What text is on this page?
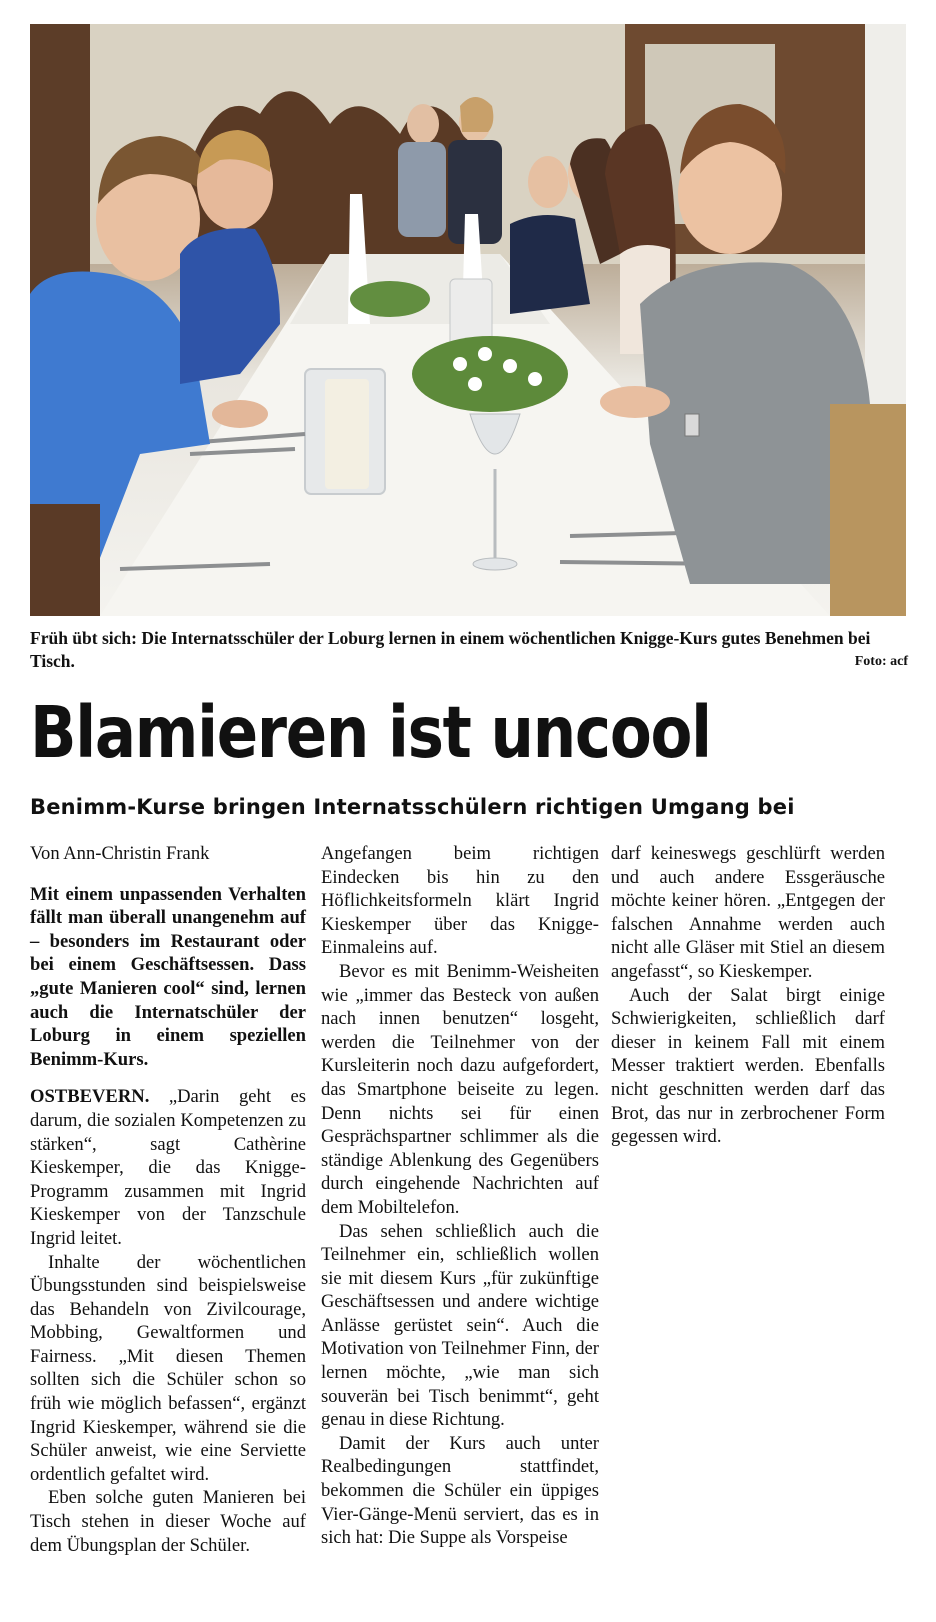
Früh übt sich: Die Internatsschüler der Loburg lernen in einem wöchentlichen Knigge-Kurs gutes Benehmen bei Tisch.	Foto: acf
Blamieren ist uncool
Benimm-Kurse bringen Internatsschülern richtigen Umgang bei

Von Ann-Christin Frank

Mit einem unpassenden Verhalten fällt man überall unangenehm auf – besonders im Restaurant oder bei einem Geschäftsessen. Dass „gute Manieren cool“ sind, lernen auch die Internatschüler der Loburg in einem speziellen Benimm-Kurs.

OSTBEVERN. „Darin geht es darum, die sozialen Kompetenzen zu stärken“, sagt Cathèrine Kieskemper, die das Knigge-Programm zusammen mit Ingrid Kieskemper von der Tanzschule Ingrid leitet.

Inhalte der wöchentlichen Übungsstunden sind beispielsweise das Behandeln von Zivilcourage, Mobbing, Gewaltformen und Fairness. „Mit diesen Themen sollten sich die Schüler schon so früh wie möglich befassen“, ergänzt Ingrid Kieskemper, während sie die Schüler anweist, wie eine Serviette ordentlich gefaltet wird.

Eben solche guten Manieren bei Tisch stehen in dieser Woche auf dem Übungsplan der Schüler.

Angefangen beim richtigen Eindecken bis hin zu den Höflichkeitsformeln klärt Ingrid Kieskemper über das Knigge-Einmaleins auf.

Bevor es mit Benimm-Weisheiten wie „immer das Besteck von außen nach innen benutzen“ losgeht, werden die Teilnehmer von der Kursleiterin noch dazu aufgefordert, das Smartphone beiseite zu legen. Denn nichts sei für einen Gesprächspartner schlimmer als die ständige Ablenkung des Gegenübers durch eingehende Nachrichten auf dem Mobiltelefon.

Das sehen schließlich auch die Teilnehmer ein, schließlich wollen sie mit diesem Kurs „für zukünftige Geschäftsessen und andere wichtige Anlässe gerüstet sein“. Auch die Motivation von Teilnehmer Finn, der lernen möchte, „wie man sich souverän bei Tisch benimmt“, geht genau in diese Richtung.

Damit der Kurs auch unter Realbedingungen stattfindet, bekommen die Schüler ein üppiges Vier-Gänge-Menü serviert, das es in sich hat: Die Suppe als Vorspeise

darf keineswegs geschlürft werden und auch andere Essgeräusche möchte keiner hören. „Entgegen der falschen Annahme werden auch nicht alle Gläser mit Stiel an diesem angefasst“, so Kieskemper.

Auch der Salat birgt einige Schwierigkeiten, schließlich darf dieser in keinem Fall mit einem Messer traktiert werden. Ebenfalls nicht geschnitten werden darf das Brot, das nur in zerbrochener Form gegessen wird.
